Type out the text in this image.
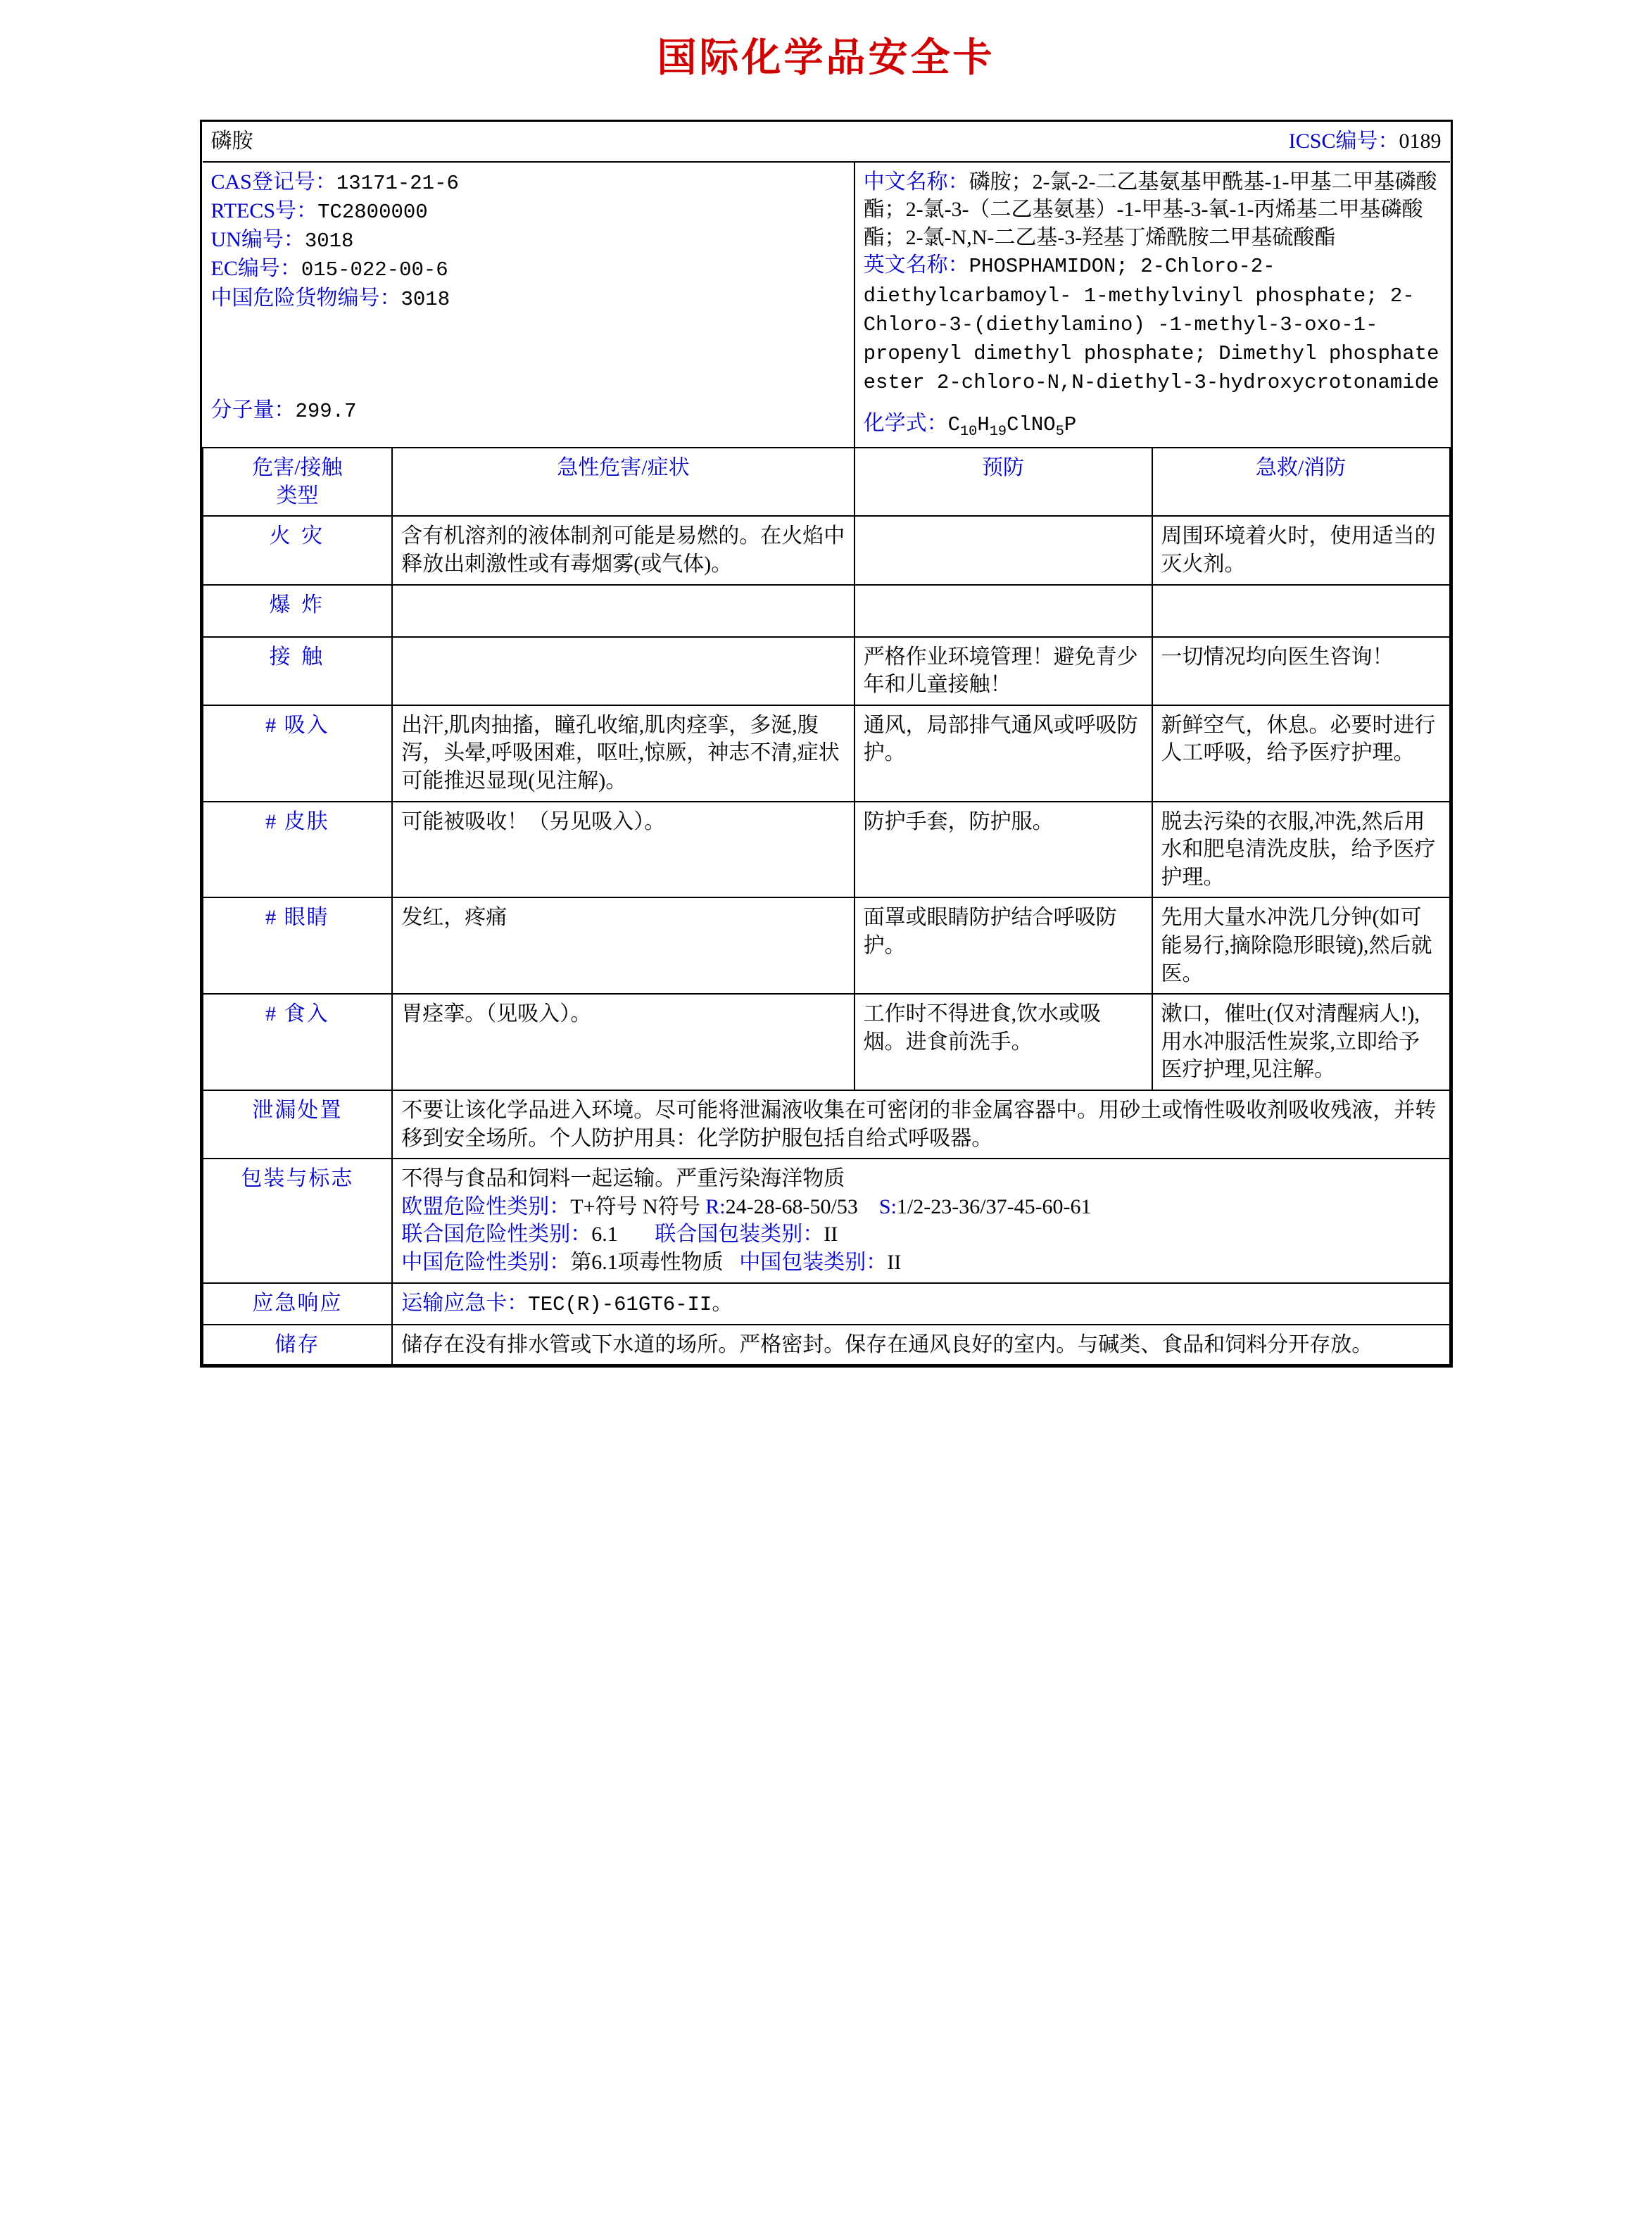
国际化学品安全卡
磷胺		ICSC编号：0189	

CAS登记号：13171-21-6
RTECS号：TC2800000
UN编号：3018
EC编号：015-022-00-6
中国危险货物编号：3018
分子量：299.7

中文名称：磷胺；2-氯-2-二乙基氨基甲酰基-1-甲基二甲基磷酸酯；2-氯-3-（二乙基氨基）-1-甲基-3-氧-1-丙烯基二甲基磷酸酯；2-氯-N,N-二乙基-3-羟基丁烯酰胺二甲基硫酸酯
英文名称：PHOSPHAMIDON; 2-Chloro-2-diethylcarbamoyl- 1-methylvinyl phosphate; 2-Chloro-3-(diethylamino) -1-methyl-3-oxo-1-propenyl dimethyl phosphate; Dimethyl phosphate ester 2-chloro-N,N-diethyl-3-hydroxycrotonamide
化学式：$C_{10}H_{19}ClNO_5P$

危害/接触
类型	急性危害/症状	预防	急救/消防
火 灾	含有机溶剂的液体制剂可能是易燃的。在火焰中释放出刺激性或有毒烟雾(或气体)。		周围环境着火时，使用适当的灭火剂。
爆 炸			
接 触		严格作业环境管理！避免青少年和儿童接触！	一切情况均向医生咨询！
# 吸入	出汗,肌肉抽搐，瞳孔收缩,肌肉痉挛，多涎,腹泻，头晕,呼吸困难，呕吐,惊厥，神志不清,症状可能推迟显现(见注解)。	通风，局部排气通风或呼吸防护。	新鲜空气，休息。必要时进行人工呼吸，给予医疗护理。
# 皮肤	可能被吸收！（另见吸入）。	防护手套，防护服。	脱去污染的衣服,冲洗,然后用水和肥皂清洗皮肤，给予医疗护理。
# 眼睛	发红，疼痛	面罩或眼睛防护结合呼吸防护。	先用大量水冲洗几分钟(如可能易行,摘除隐形眼镜),然后就医。
# 食入	胃痉挛。（见吸入）。	工作时不得进食,饮水或吸烟。进食前洗手。	漱口，催吐(仅对清醒病人!),用水冲服活性炭浆,立即给予医疗护理,见注解。
泄漏处置	不要让该化学品进入环境。尽可能将泄漏液收集在可密闭的非金属容器中。用砂土或惰性吸收剂吸收残液，并转移到安全场所。个人防护用具：化学防护服包括自给式呼吸器。		
包装与标志	不得与食品和饲料一起运输。严重污染海洋物质
欧盟危险性类别：T+符号 N符号 R:24-28-68-50/53 S:1/2-23-36/37-45-60-61
联合国危险性类别：6.1 联合国包装类别：II
中国危险性类别：第6.1项毒性物质 中国包装类别：II		

应急响应	运输应急卡：TEC(R)-61GT6-II。		
储存	储存在没有排水管或下水道的场所。严格密封。保存在通风良好的室内。与碱类、食品和饲料分开存放。		
